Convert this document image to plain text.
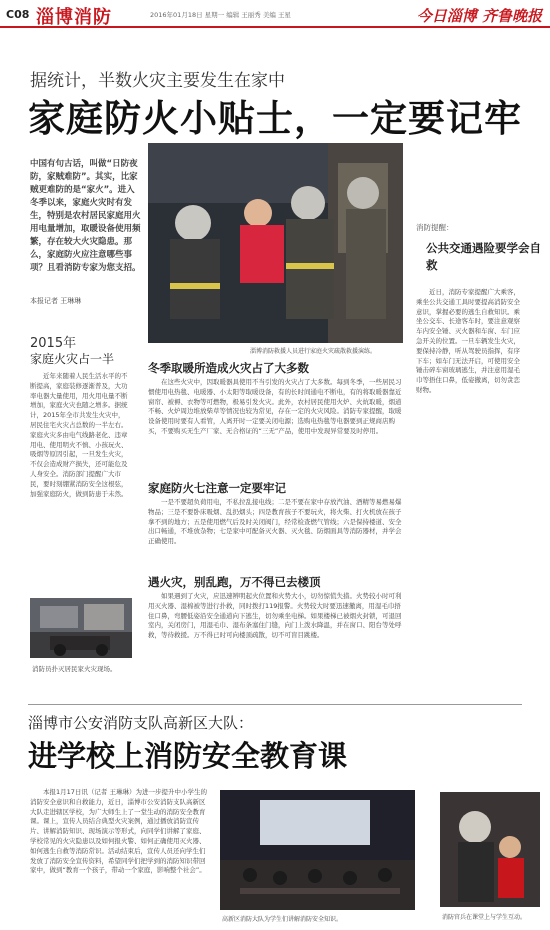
C08 淄博消防	2016年01月18日 星期一 编辑 王丽秀 美编 王星	今日淄博 齐鲁晚报
据统计，半数火灾主要发生在家中
家庭防火小贴士，一定要记牢
中国有句古话，叫做“日防夜防，家贼难防”。其实，比家贼更难防的是“家火”。进入冬季以来，家庭火灾时有发生，特别是农村居民家庭用火用电量增加，取暖设备使用频繁，存在较大火灾隐患。那么，家庭防火应注意哪些事项？且看消防专家为您支招。
本报记者 王琳琳
2015年
家庭火灾占一半
近年来随着人民生活水平的不断提高，家庭装修逐渐普及，大功率电器大量使用，用火用电量不断增加，家庭火灾也随之增多。据统计，2015年全市共发生火灾中，居民住宅火灾占总数的一半左右。家庭火灾多由电气线路老化、违章用电、使用明火不慎、小孩玩火、吸烟等原因引起，一旦发生火灾，不仅会造成财产损失，还可能危及人身安全。消防部门提醒广大市民，要时刻绷紧消防安全这根弦，加强家庭防火，做到防患于未然。
消防员扑灭居民家火灾现场。
淄博消防救援人员进行家庭火灾疏散救援演练。
消防提醒：
公共交通遇险要学会自救
近日，消防专家提醒广大乘客，乘坐公共交通工具时要提高消防安全意识，掌握必要的逃生自救知识。乘坐公交车、长途客车时，要注意观察车内安全锤、灭火器和车窗、车门应急开关的位置。一旦车辆发生火灾，要保持冷静，听从驾驶员指挥，有序下车；如车门无法开启，可使用安全锤击碎车窗玻璃逃生，并注意用湿毛巾等捂住口鼻，低姿撤离，切勿贪恋财物。
冬季取暖所造成火灾占了大多数
在这些火灾中，因取暖器具使用不当引发的火灾占了大多数。每到冬季，一些居民习惯使用电热毯、电暖器、小太阳等取暖设备，有的长时间通电不断电，有的将取暖器靠近窗帘、被褥、衣物等可燃物，极易引发火灾。此外，农村居民使用火炉、火炕取暖，烟道不畅、火炉周边堆放柴草等情况也较为常见，存在一定的火灾风险。消防专家提醒，取暖设备使用时要有人看管，人离开时一定要关闭电源；选购电热毯等电器要到正规商店购买，不要购买无生产厂家、无合格证的“三无”产品，使用中发现异常要及时停用。
家庭防火七注意一定要牢记
一是不要超负荷用电，不私拉乱接电线；二是不要在家中存放汽油、酒精等易燃易爆物品；三是不要卧床吸烟、乱扔烟头；四是教育孩子不要玩火，将火柴、打火机放在孩子拿不到的地方；五是使用燃气后及时关闭阀门，经常检查燃气管线；六是保持楼道、安全出口畅通，不堆放杂物；七是家中可配备灭火器、灭火毯、防烟面具等消防器材，并学会正确使用。
遇火灾，别乱跑，万不得已去楼顶
如果遇到了火灾，应迅速辨明起火位置和火势大小，切勿惊慌失措。火势较小时可利用灭火器、湿棉被等进行扑救，同时拨打119报警。火势较大时要迅速撤离，用湿毛巾捂住口鼻，弯腰低姿沿安全通道向下逃生，切勿乘坐电梯。如果楼梯已被烟火封锁，可退回室内，关闭房门，用湿毛巾、湿布条塞住门缝，向门上泼水降温，并在窗口、阳台等处呼救，等待救援。万不得已时可向楼顶疏散，切不可盲目跳楼。
淄博市公安消防支队高新区大队：
进学校上消防安全教育课
本报1月17日讯（记者 王琳琳）为进一步提升中小学生的消防安全意识和自救能力，近日，淄博市公安消防支队高新区大队走进辖区学校，为广大师生上了一堂生动的消防安全教育课。课上，宣传人员结合典型火灾案例，通过播放消防宣传片、讲解消防知识、现场演示等形式，向同学们讲解了家庭、学校常见的火灾隐患以及如何报火警、如何正确使用灭火器、如何逃生自救等消防常识。活动结束后，宣传人员还向学生们发放了消防安全宣传资料，希望同学们把学到的消防知识带回家中，做到“教育一个孩子，带动一个家庭，影响整个社会”。
高新区消防大队为学生们讲解消防安全知识。	消防官兵在课堂上与学生互动。
